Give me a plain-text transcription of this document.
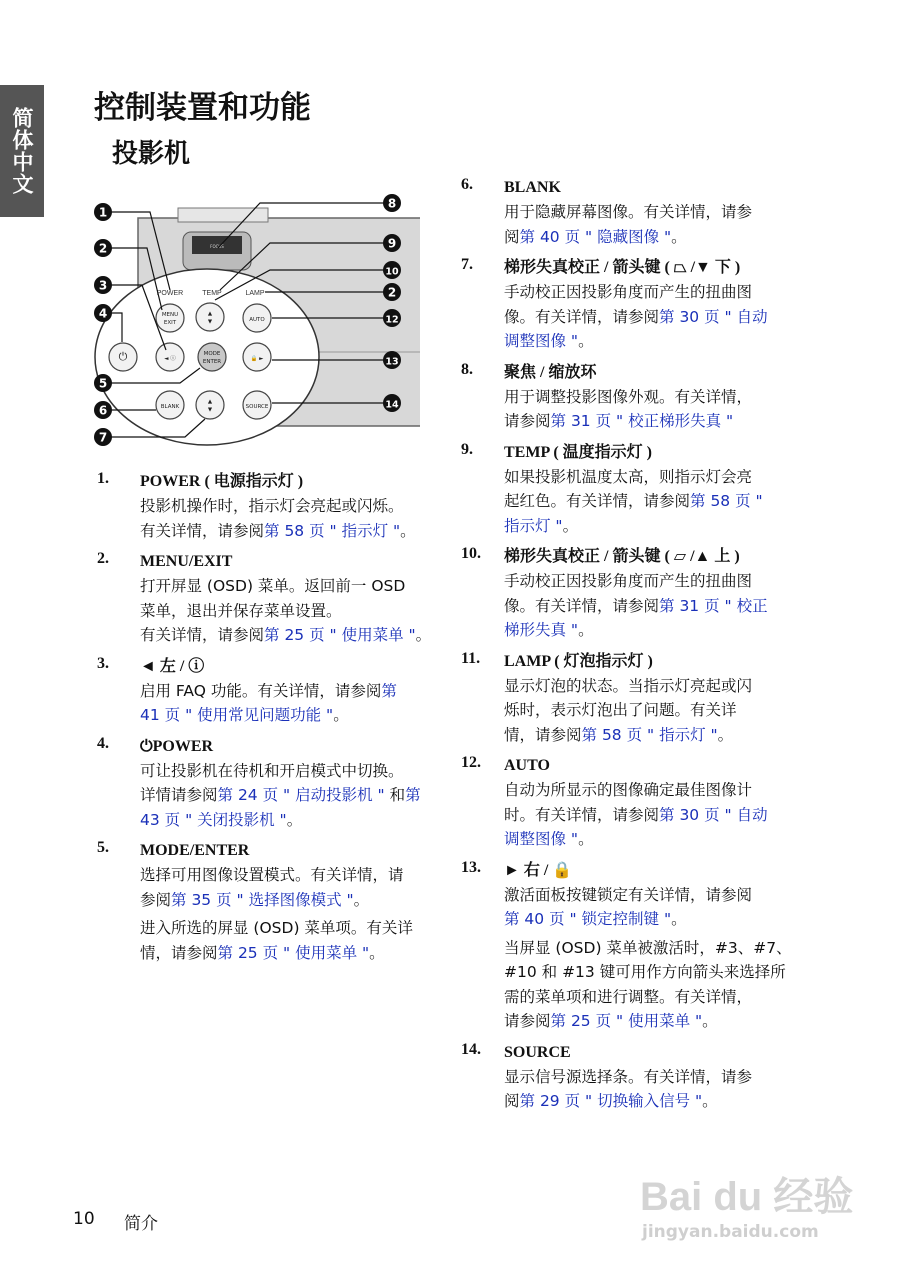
简体中文	控制装置和功能
投影机
FOCUS
POWER	TEMP	LAMP
MENU
EXIT
▲
▼	AUTO
⏻	◄ ⓘ
MODE
ENTER	🔒 ►
BLANK
▲
▼	SOURCE
1
2
3
4
5
6
7
8
9
10
2
12
13
14
1. POWER ( 电源指示灯 )
投影机操作时，指示灯会亮起或闪烁。
有关详情，请参阅第 58 页 " 指示灯 "。
2. MENU/EXIT
打开屏显 (OSD) 菜单。返回前一 OSD
菜单，退出并保存菜单设置。
有关详情，请参阅第 25 页 " 使用菜单 "。
3. ◄ 左 / ⓘ
启用 FAQ 功能。有关详情，请参阅第
41 页 " 使用常见问题功能 "。
4. ⏻POWER
可让投影机在待机和开启模式中切换。
详情请参阅第 24 页 " 启动投影机 " 和第
43 页 " 关闭投影机 "。
5. MODE/ENTER
选择可用图像设置模式。有关详情，请
参阅第 35 页 " 选择图像模式 "。
进入所选的屏显 (OSD) 菜单项。有关详
情，请参阅第 25 页 " 使用菜单 "。
6. BLANK
用于隐藏屏幕图像。有关详情，请参
阅第 40 页 " 隐藏图像 "。
7. 梯形失真校正 / 箭头键 ( ⏢ /▼ 下 )
手动校正因投影角度而产生的扭曲图
像。有关详情，请参阅第 30 页 " 自动
调整图像 "。
8. 聚焦 / 缩放环
用于调整投影图像外观。有关详情，
请参阅第 31 页 " 校正梯形失真 "
9. TEMP ( 温度指示灯 )
如果投影机温度太高，则指示灯会亮
起红色。有关详情，请参阅第 58 页 "
指示灯 "。
10. 梯形失真校正 / 箭头键 ( ⏥ /▲ 上 )
手动校正因投影角度而产生的扭曲图
像。有关详情，请参阅第 31 页 " 校正
梯形失真 "。
11. LAMP ( 灯泡指示灯 )
显示灯泡的状态。当指示灯亮起或闪
烁时，表示灯泡出了问题。有关详
情，请参阅第 58 页 " 指示灯 "。
12. AUTO
自动为所显示的图像确定最佳图像计
时。有关详情，请参阅第 30 页 " 自动
调整图像 "。
13. ► 右 / 🔒
激活面板按键锁定有关详情，请参阅
第 40 页 " 锁定控制键 "。
当屏显 (OSD) 菜单被激活时，#3、#7、
#10 和 #13 键可用作方向箭头来选择所
需的菜单项和进行调整。有关详情，
请参阅第 25 页 " 使用菜单 "。
14. SOURCE
显示信号源选择条。有关详情，请参
阅第 29 页 " 切换输入信号 "。
10 简介
Bai du 经验
jingyan.baidu.com
